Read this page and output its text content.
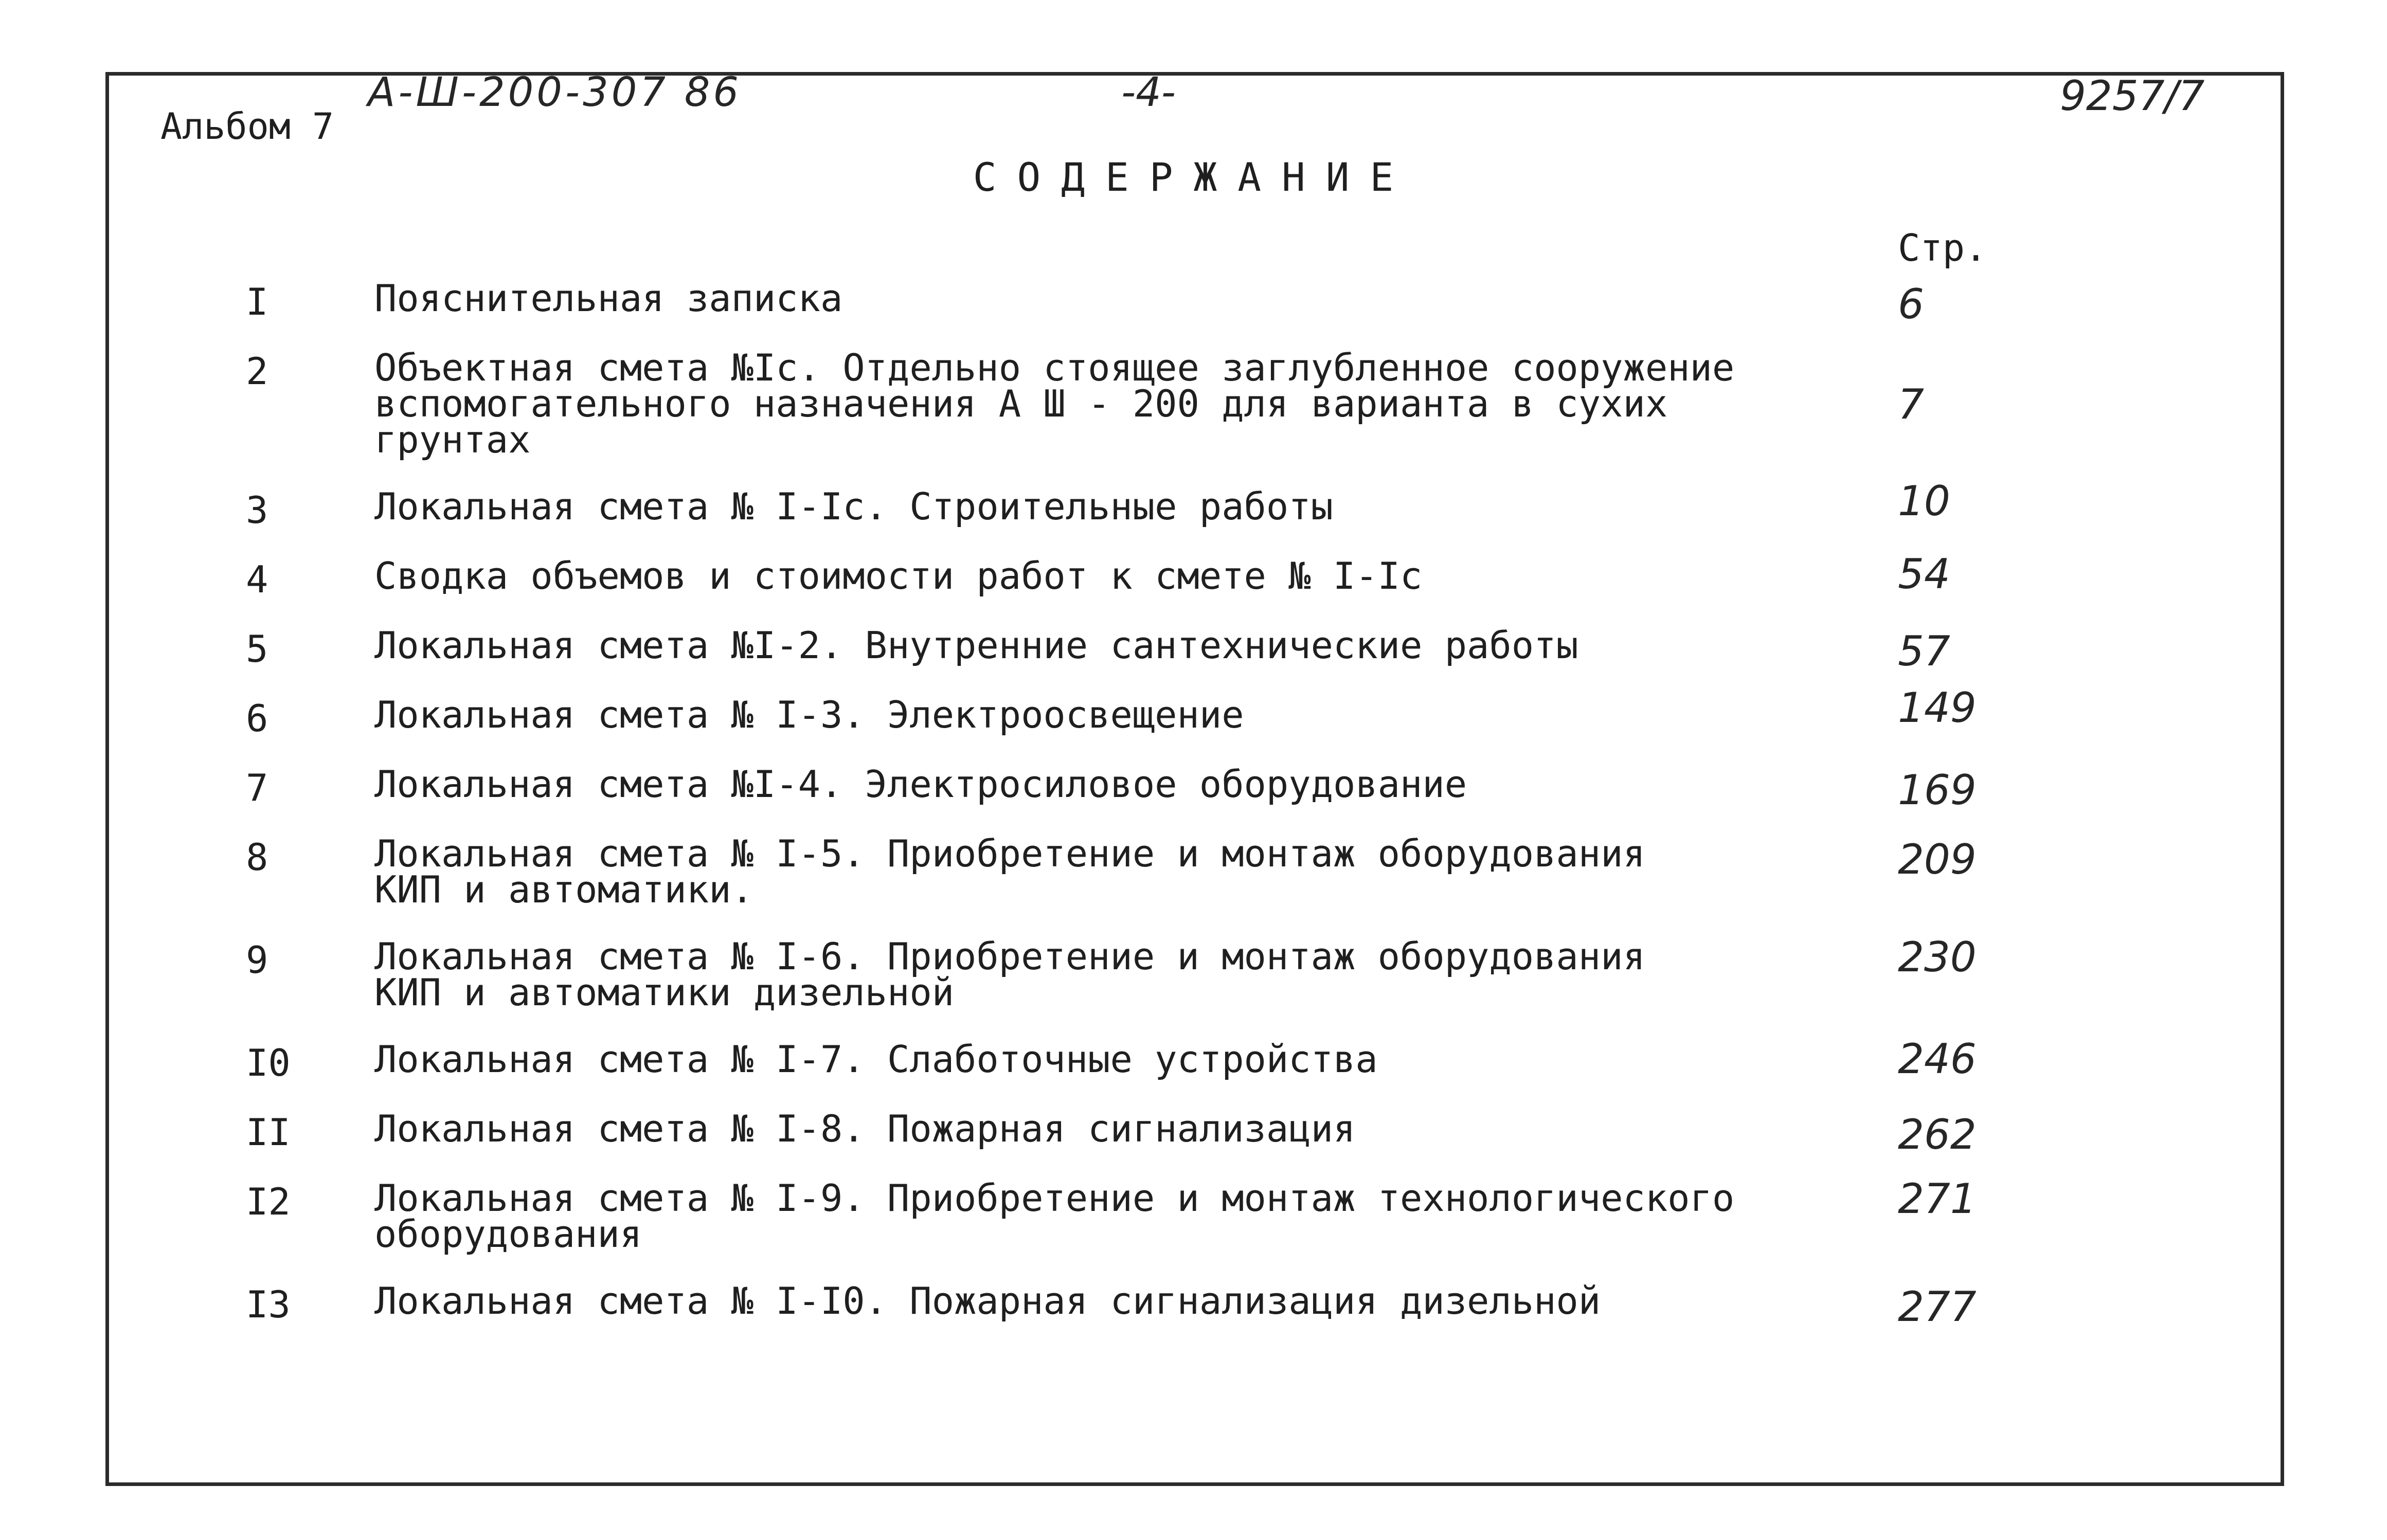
Альбом 7
А-Ш-200-307 86	-4-	9257/7
СОДЕРЖАНИЕ
Стр.
I	Пояснительная записка	6
2	Объектная смета №Iс. Отдельно стоящее заглубленное сооружение
вспомогательного назначения А Ш - 200 для варианта в сухих
грунтах
7
3	Локальная смета № I-Iс. Строительные работы	10
4	Сводка объемов и стоимости работ к смете № I-Iс	54
5	Локальная смета №I-2. Внутренние сантехнические работы	57
6	Локальная смета № I-3. Электроосвещение	149
7	Локальная смета №I-4. Электросиловое оборудование	169
8	Локальная смета № I-5. Приобретение и монтаж оборудования
КИП и автоматики.
209
9	Локальная смета № I-6. Приобретение и монтаж оборудования
КИП и автоматики дизельной
230
I0 Локальная смета № I-7. Слаботочные устройства	246
II Локальная смета № I-8. Пожарная сигнализация	262
I2 Локальная смета № I-9. Приобретение и монтаж технологического
оборудования
271
I3 Локальная смета № I-I0. Пожарная сигнализация дизельной	277
